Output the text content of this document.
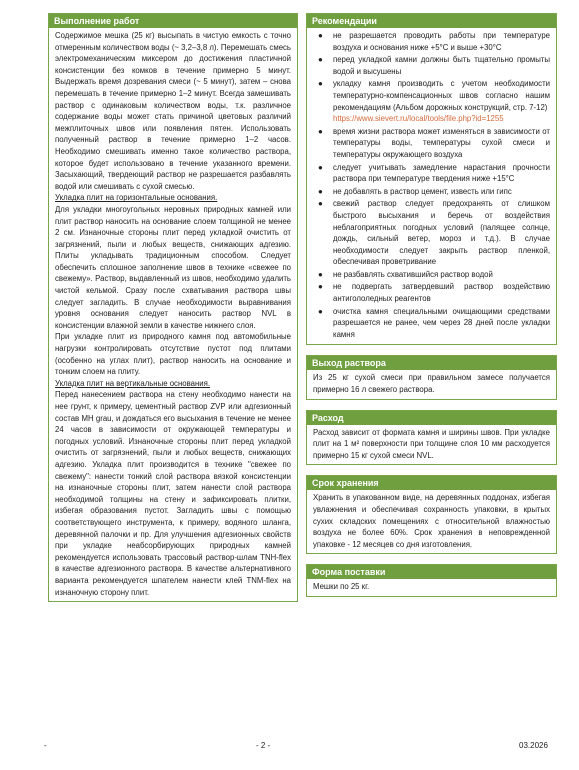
Выполнение работ

Содержимое мешка (25 кг) высыпать в чистую емкость с точно отмеренным количеством воды (~ 3,2–3,8 л). Перемешать смесь электромеханическим миксером до достижения пластичной консистенции без комков в течение примерно 5 минут. Выдержать время дозревания смеси (~ 5 минут), затем – снова перемешать в течение примерно 1–2 минут. Всегда замешивать раствор с одинаковым количеством воды, т.к. различное содержание воды может стать причиной цветовых различий межплиточных швов или появления пятен. Использовать полученный раствор в течение примерно 1–2 часов. Необходимо смешивать именно такое количество раствора, которое будет использовано в течение указанного времени. Засыхающий, твердеющий раствор не разрешается разбавлять водой или смешивать с сухой смесью.

Укладка плит на горизонтальные основания.

Для укладки многоугольных неровных природных камней или плит раствор наносить на основание слоем толщиной не менее 2 см. Изнаночные стороны плит перед укладкой очистить от загрязнений, пыли и любых веществ, снижающих адгезию. Плиты укладывать традиционным способом. Следует обеспечить сплошное заполнение швов в технике «свежее по свежему». Раствор, выдавленный из швов, необходимо удалить чистой кельмой. Сразу после схватывания раствора швы следует загладить. В случае необходимости выравнивания уровня основания следует наносить раствор NVL в консистенции влажной земли в качестве нижнего слоя.

При укладке плит из природного камня под автомобильные нагрузки контролировать отсутствие пустот под плитами (особенно на углах плит), раствор наносить на основание и тонким слоем на плиту.

Укладка плит на вертикальные основания.

Перед нанесением раствора на стену необходимо нанести на нее грунт, к примеру, цементный раствор ZVP или адгезионный состав MH grau, и дождаться его высыхания в течение не менее 24 часов в зависимости от окружающей температуры и погодных условий. Изнаночные стороны плит перед укладкой очистить от загрязнений, пыли и любых веществ, снижающих адгезию. Укладка плит производится в технике "свежее по свежему": нанести тонкий слой раствора вязкой консистенции на изнаночные стороны плит, затем нанести слой раствора необходимой толщины на стену и зафиксировать плитки, избегая образования пустот. Загладить швы с помощью соответствующего инструмента, к примеру, водяного шланга, деревянной палочки и пр. Для улучшения адгезионных свойств при укладке неабсорбирующих природных камней рекомендуется использовать трассовый раствор-шлам TNH-flex в качестве адгезионного раствора. В качестве альтернативного варианта рекомендуется шпателем нанести клей TNM-flex на изнаночную сторону плит.

Рекомендации
● не разрешается проводить работы при температуре воздуха и основания ниже +5°C и выше +30°C
● перед укладкой камни должны быть тщательно промыты водой и высушены
● укладку камня производить с учетом необходимости температурно-компенсационных швов согласно нашим рекомендациям (Альбом дорожных конструкций, стр. 7-12)
https://www.sievert.ru/local/tools/file.php?id=1255
● время жизни раствора может изменяться в зависимости от температуры воды, температуры сухой смеси и температуры окружающего воздуха
● следует учитывать замедление нарастания прочности раствора при температуре твердения ниже +15°C
● не добавлять в раствор цемент, известь или гипс
● свежий раствор следует предохранять от слишком быстрого высыхания и беречь от воздействия неблагоприятных погодных условий (палящее солнце, дождь, сильный ветер, мороз и т.д.). В случае необходимости следует закрыть раствор пленкой, обеспечивая проветривание
● не разбавлять схватившийся раствор водой
● не подвергать затвердевший раствор воздействию антигололедных реагентов
● очистка камня специальными очищающими средствами разрешается не ранее, чем через 28 дней после укладки камня
Выход раствора

Из 25 кг сухой смеси при правильном замесе получается примерно 16 л свежего раствора.

Расход

Расход зависит от формата камня и ширины швов. При укладке плит на 1 м² поверхности при толщине слоя 10 мм расходуется примерно 15 кг сухой смеси NVL.

Срок хранения

Хранить в упакованном виде, на деревянных поддонах, избегая увлажнения и обеспечивая сохранность упаковки, в крытых сухих складских помещениях с относительной влажностью воздуха не более 60%. Срок хранения в неповрежденной упаковке - 12 месяцев со дня изготовления.

Форма поставки

Мешки по 25 кг.

-	- 2 -	03.2026
